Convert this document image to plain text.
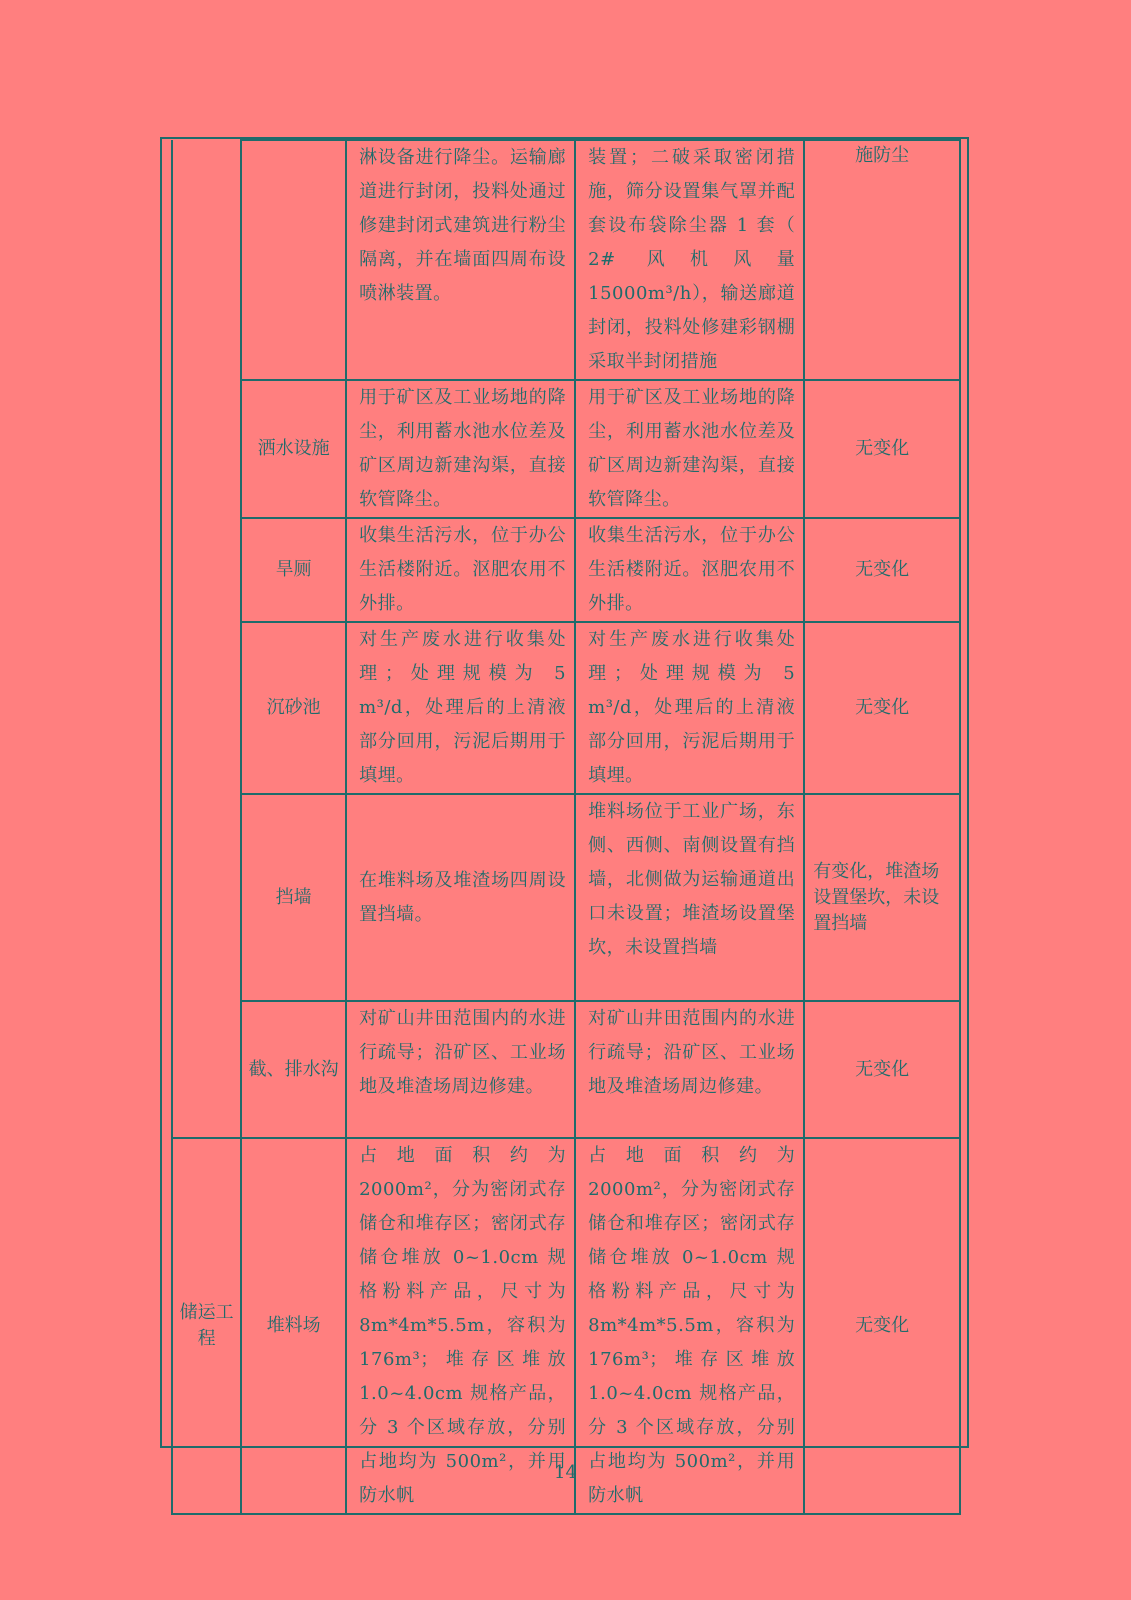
		淋设备进行降尘。运输廊道进行封闭，投料处通过修建封闭式建筑进行粉尘隔离，并在墙面四周布设喷淋装置。	装置；二破采取密闭措施，筛分设置集气罩并配套设布袋除尘器 1 套（ 2# 风机风量 15000m³/h），输送廊道封闭，投料处修建彩钢棚采取半封闭措施	施防尘
	洒水设施	用于矿区及工业场地的降尘，利用蓄水池水位差及矿区周边新建沟渠，直接软管降尘。	用于矿区及工业场地的降尘，利用蓄水池水位差及矿区周边新建沟渠，直接软管降尘。	无变化
	旱厕	收集生活污水，位于办公生活楼附近。沤肥农用不外排。	收集生活污水，位于办公生活楼附近。沤肥农用不外排。	无变化
	沉砂池	对生产废水进行收集处理；处理规模为 5 m³/d，处理后的上清液部分回用，污泥后期用于填埋。	对生产废水进行收集处理；处理规模为 5 m³/d，处理后的上清液部分回用，污泥后期用于填埋。	无变化
	挡墙	在堆料场及堆渣场四周设置挡墙。	堆料场位于工业广场，东侧、西侧、南侧设置有挡墙，北侧做为运输通道出口未设置；堆渣场设置堡坎，未设置挡墙	有变化，堆渣场设置堡坎，未设置挡墙
	截、排水沟	对矿山井田范围内的水进行疏导；沿矿区、工业场地及堆渣场周边修建。	对矿山井田范围内的水进行疏导；沿矿区、工业场地及堆渣场周边修建。	无变化
储运工程	堆料场	占地面积约为 2000m²，分为密闭式存储仓和堆存区；密闭式存储仓堆放 0~1.0cm 规格粉料产品，尺寸为 8m*4m*5.5m，容积为 176m³；堆存区堆放 1.0~4.0cm 规格产品，分 3 个区域存放，分别占地均为 500m²，并用防水帆	占地面积约为 2000m²，分为密闭式存储仓和堆存区；密闭式存储仓堆放 0~1.0cm 规格粉料产品，尺寸为 8m*4m*5.5m，容积为 176m³；堆存区堆放 1.0~4.0cm 规格产品，分 3 个区域存放，分别占地均为 500m²，并用防水帆	无变化
14
